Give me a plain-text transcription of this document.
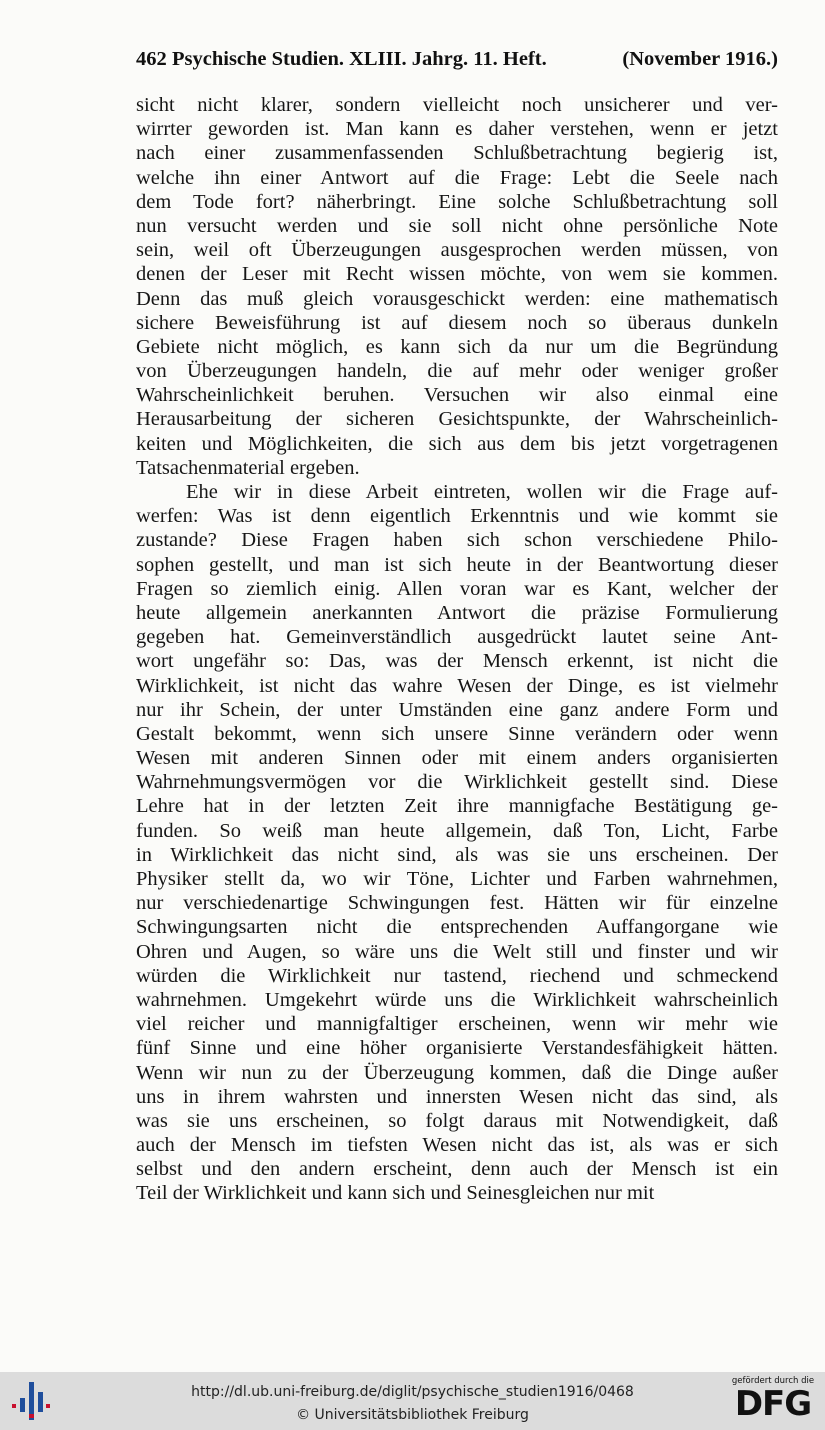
462 Psychische Studien. XLIII. Jahrg. 11. Heft.	(November 1916.)
sicht nicht klarer, sondern vielleicht noch unsicherer und ver-
wirrter geworden ist. Man kann es daher verstehen, wenn er jetzt
nach einer zusammenfassenden Schlußbetrachtung begierig ist,
welche ihn einer Antwort auf die Frage: Lebt die Seele nach
dem Tode fort? näherbringt. Eine solche Schlußbetrachtung soll
nun versucht werden und sie soll nicht ohne persönliche Note
sein, weil oft Überzeugungen ausgesprochen werden müssen, von
denen der Leser mit Recht wissen möchte, von wem sie kommen.
Denn das muß gleich vorausgeschickt werden: eine mathematisch
sichere Beweisführung ist auf diesem noch so überaus dunkeln
Gebiete nicht möglich, es kann sich da nur um die Begründung
von Überzeugungen handeln, die auf mehr oder weniger großer
Wahrscheinlichkeit beruhen. Versuchen wir also einmal eine
Herausarbeitung der sicheren Gesichtspunkte, der Wahrscheinlich-
keiten und Möglichkeiten, die sich aus dem bis jetzt vorgetragenen
Tatsachenmaterial ergeben.
Ehe wir in diese Arbeit eintreten, wollen wir die Frage auf-
werfen: Was ist denn eigentlich Erkenntnis und wie kommt sie
zustande? Diese Fragen haben sich schon verschiedene Philo-
sophen gestellt, und man ist sich heute in der Beantwortung dieser
Fragen so ziemlich einig. Allen voran war es Kant, welcher der
heute allgemein anerkannten Antwort die präzise Formulierung
gegeben hat. Gemeinverständlich ausgedrückt lautet seine Ant-
wort ungefähr so: Das, was der Mensch erkennt, ist nicht die
Wirklichkeit, ist nicht das wahre Wesen der Dinge, es ist vielmehr
nur ihr Schein, der unter Umständen eine ganz andere Form und
Gestalt bekommt, wenn sich unsere Sinne verändern oder wenn
Wesen mit anderen Sinnen oder mit einem anders organisierten
Wahrnehmungsvermögen vor die Wirklichkeit gestellt sind. Diese
Lehre hat in der letzten Zeit ihre mannigfache Bestätigung ge-
funden. So weiß man heute allgemein, daß Ton, Licht, Farbe
in Wirklichkeit das nicht sind, als was sie uns erscheinen. Der
Physiker stellt da, wo wir Töne, Lichter und Farben wahrnehmen,
nur verschiedenartige Schwingungen fest. Hätten wir für einzelne
Schwingungsarten nicht die entsprechenden Auffangorgane wie
Ohren und Augen, so wäre uns die Welt still und finster und wir
würden die Wirklichkeit nur tastend, riechend und schmeckend
wahrnehmen. Umgekehrt würde uns die Wirklichkeit wahrscheinlich
viel reicher und mannigfaltiger erscheinen, wenn wir mehr wie
fünf Sinne und eine höher organisierte Verstandesfähigkeit hätten.
Wenn wir nun zu der Überzeugung kommen, daß die Dinge außer
uns in ihrem wahrsten und innersten Wesen nicht das sind, als
was sie uns erscheinen, so folgt daraus mit Notwendigkeit, daß
auch der Mensch im tiefsten Wesen nicht das ist, als was er sich
selbst und den andern erscheint, denn auch der Mensch ist ein
Teil der Wirklichkeit und kann sich und Seinesgleichen nur mit
http://dl.ub.uni-freiburg.de/diglit/psychische_studien1916/0468
© Universitätsbibliothek Freiburg
gefördert durch die
DFG
